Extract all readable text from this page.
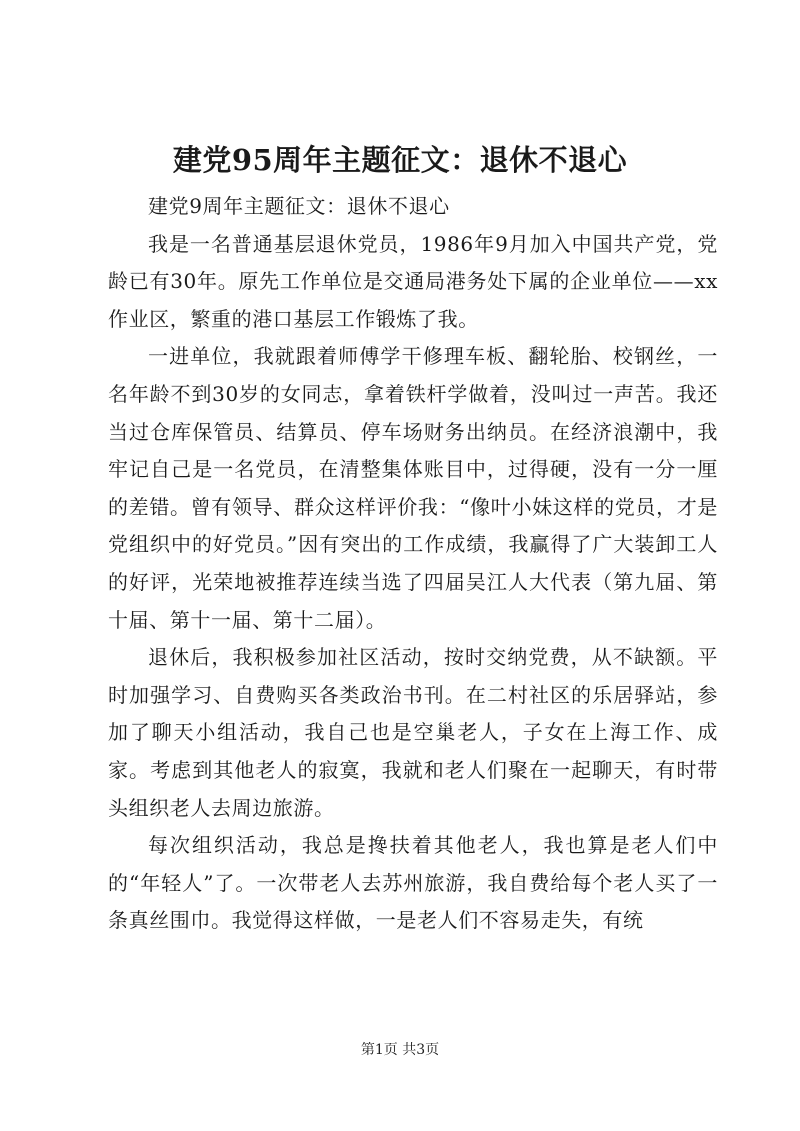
建党95周年主题征文：退休不退心

建党9周年主题征文：退休不退心

我是一名普通基层退休党员，1986年9月加入中国共产党，党龄已有30年。原先工作单位是交通局港务处下属的企业单位——xx作业区，繁重的港口基层工作锻炼了我。

一进单位，我就跟着师傅学干修理车板、翻轮胎、校钢丝，一名年龄不到30岁的女同志，拿着铁杆学做着，没叫过一声苦。我还当过仓库保管员、结算员、停车场财务出纳员。在经济浪潮中，我牢记自己是一名党员，在清整集体账目中，过得硬，没有一分一厘的差错。曾有领导、群众这样评价我：“像叶小妹这样的党员，才是党组织中的好党员。”因有突出的工作成绩，我赢得了广大装卸工人的好评，光荣地被推荐连续当选了四届吴江人大代表（第九届、第十届、第十一届、第十二届）。

退休后，我积极参加社区活动，按时交纳党费，从不缺额。平时加强学习、自费购买各类政治书刊。在二村社区的乐居驿站，参加了聊天小组活动，我自己也是空巢老人，子女在上海工作、成家。考虑到其他老人的寂寞，我就和老人们聚在一起聊天，有时带头组织老人去周边旅游。

每次组织活动，我总是搀扶着其他老人，我也算是老人们中的“年轻人”了。一次带老人去苏州旅游，我自费给每个老人买了一条真丝围巾。我觉得这样做，一是老人们不容易走失，有统

第1页 共3页
